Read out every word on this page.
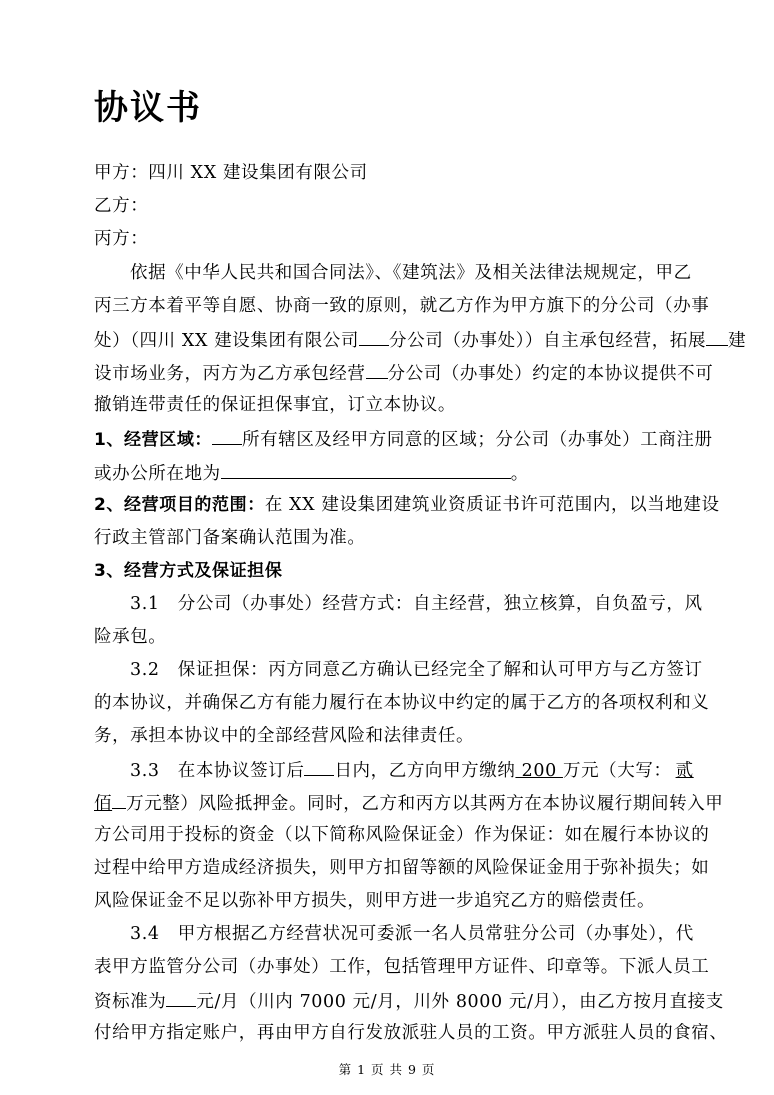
协议书
甲方：四川 XX 建设集团有限公司
乙方：
丙方：
依据《中华人民共和国合同法》、《建筑法》及相关法律法规规定，甲乙
丙三方本着平等自愿、协商一致的原则，就乙方作为甲方旗下的分公司（办事
处）（四川 XX 建设集团有限公司 分公司（办事处））自主承包经营，拓展 建
设市场业务，丙方为乙方承包经营 分公司（办事处）约定的本协议提供不可
撤销连带责任的保证担保事宜，订立本协议。
1、经营区域： 所有辖区及经甲方同意的区域；分公司（办事处）工商注册
或办公所在地为	。
2、经营项目的范围：在 XX 建设集团建筑业资质证书许可范围内，以当地建设
行政主管部门备案确认范围为准。
3、经营方式及保证担保
3.1　分公司（办事处）经营方式：自主经营，独立核算，自负盈亏，风
险承包。
3.2　保证担保：丙方同意乙方确认已经完全了解和认可甲方与乙方签订
的本协议，并确保乙方有能力履行在本协议中约定的属于乙方的各项权利和义
务，承担本协议中的全部经营风险和法律责任。
3.3　在本协议签订后 日内，乙方向甲方缴纳 200 万元（大写： 贰
佰 万元整）风险抵押金。同时，乙方和丙方以其两方在本协议履行期间转入甲
方公司用于投标的资金（以下简称风险保证金）作为保证：如在履行本协议的
过程中给甲方造成经济损失，则甲方扣留等额的风险保证金用于弥补损失；如
风险保证金不足以弥补甲方损失，则甲方进一步追究乙方的赔偿责任。
3.4　甲方根据乙方经营状况可委派一名人员常驻分公司（办事处），代
表甲方监管分公司（办事处）工作，包括管理甲方证件、印章等。下派人员工
资标准为 元/月（川内 7000 元/月，川外 8000 元/月），由乙方按月直接支
第 1 页 共 9 页
付给甲方指定账户，再由甲方自行发放派驻人员的工资。甲方派驻人员的食宿、
